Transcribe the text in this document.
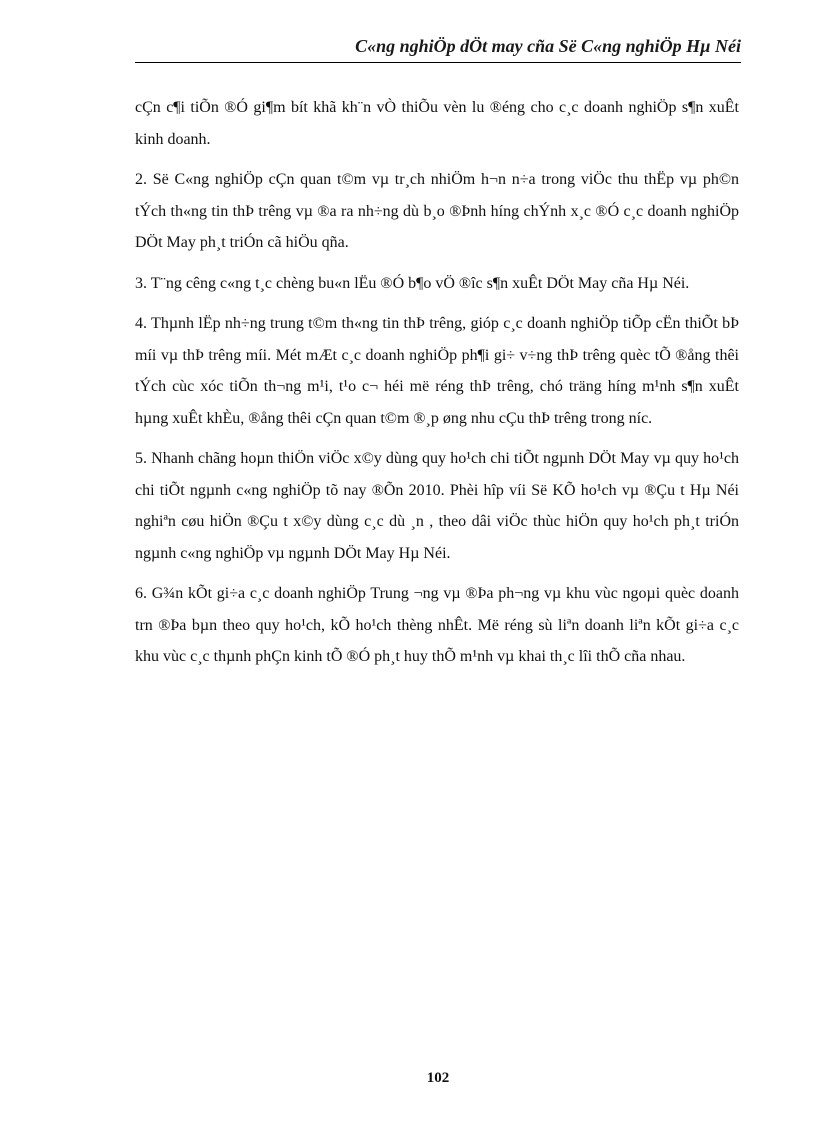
C«ng nghiÖp dÖt may cña Së C«ng nghiÖp Hµ Néi

cÇn c¶i tiÕn ®Ó gi¶m bít khã kh¨n vÒ thiÕu vèn lu ®éng cho c¸c doanh nghiÖp s¶n xuÊt kinh doanh.

2. Së C«ng nghiÖp cÇn quan t©m vµ tr¸ch nhiÖm h¬n n÷a trong viÖc thu thËp vµ ph©n tÝch th«ng tin thÞ trêng vµ ®a ra nh÷ng dù b¸o ®Þnh híng chÝnh x¸c ®Ó c¸c doanh nghiÖp DÖt May ph¸t triÓn cã hiÖu qña.

3. T¨ng cêng c«ng t¸c chèng bu«n lËu ®Ó b¶o vÖ ®îc s¶n xuÊt DÖt May cña Hµ Néi.

4. Thµnh lËp nh÷ng trung t©m th«ng tin thÞ trêng, gióp c¸c doanh nghiÖp tiÕp cËn thiÕt bÞ míi vµ thÞ trêng míi. Mét mÆt c¸c doanh nghiÖp ph¶i gi÷ v÷ng thÞ trêng quèc tÕ ®ång thêi tÝch cùc xóc tiÕn th¬ng m¹i, t¹o c¬ héi më réng thÞ trêng, chó träng híng m¹nh s¶n xuÊt hµng xuÊt khÈu, ®ång thêi cÇn quan t©m ®¸p øng nhu cÇu thÞ trêng trong níc.

5. Nhanh chãng hoµn thiÖn viÖc x©y dùng quy ho¹ch chi tiÕt ngµnh DÖt May vµ quy ho¹ch chi tiÕt ngµnh c«ng nghiÖp tõ nay ®Õn 2010. Phèi hîp víi Së KÕ ho¹ch vµ ®Çu t Hµ Néi nghiªn cøu hiÖn ®Çu t x©y dùng c¸c dù ¸n , theo dâi viÖc thùc hiÖn quy ho¹ch ph¸t triÓn ngµnh c«ng nghiÖp vµ ngµnh DÖt May Hµ Néi.

6. G¾n kÕt gi÷a c¸c doanh nghiÖp Trung ¬ng vµ ®Þa ph¬ng vµ khu vùc ngoµi quèc doanh trn ®Þa bµn theo quy ho¹ch, kÕ ho¹ch thèng nhÊt. Më réng sù liªn doanh liªn kÕt gi÷a c¸c khu vùc c¸c thµnh phÇn kinh tÕ ®Ó ph¸t huy thÕ m¹nh vµ khai th¸c lîi thÕ cña nhau.

102
